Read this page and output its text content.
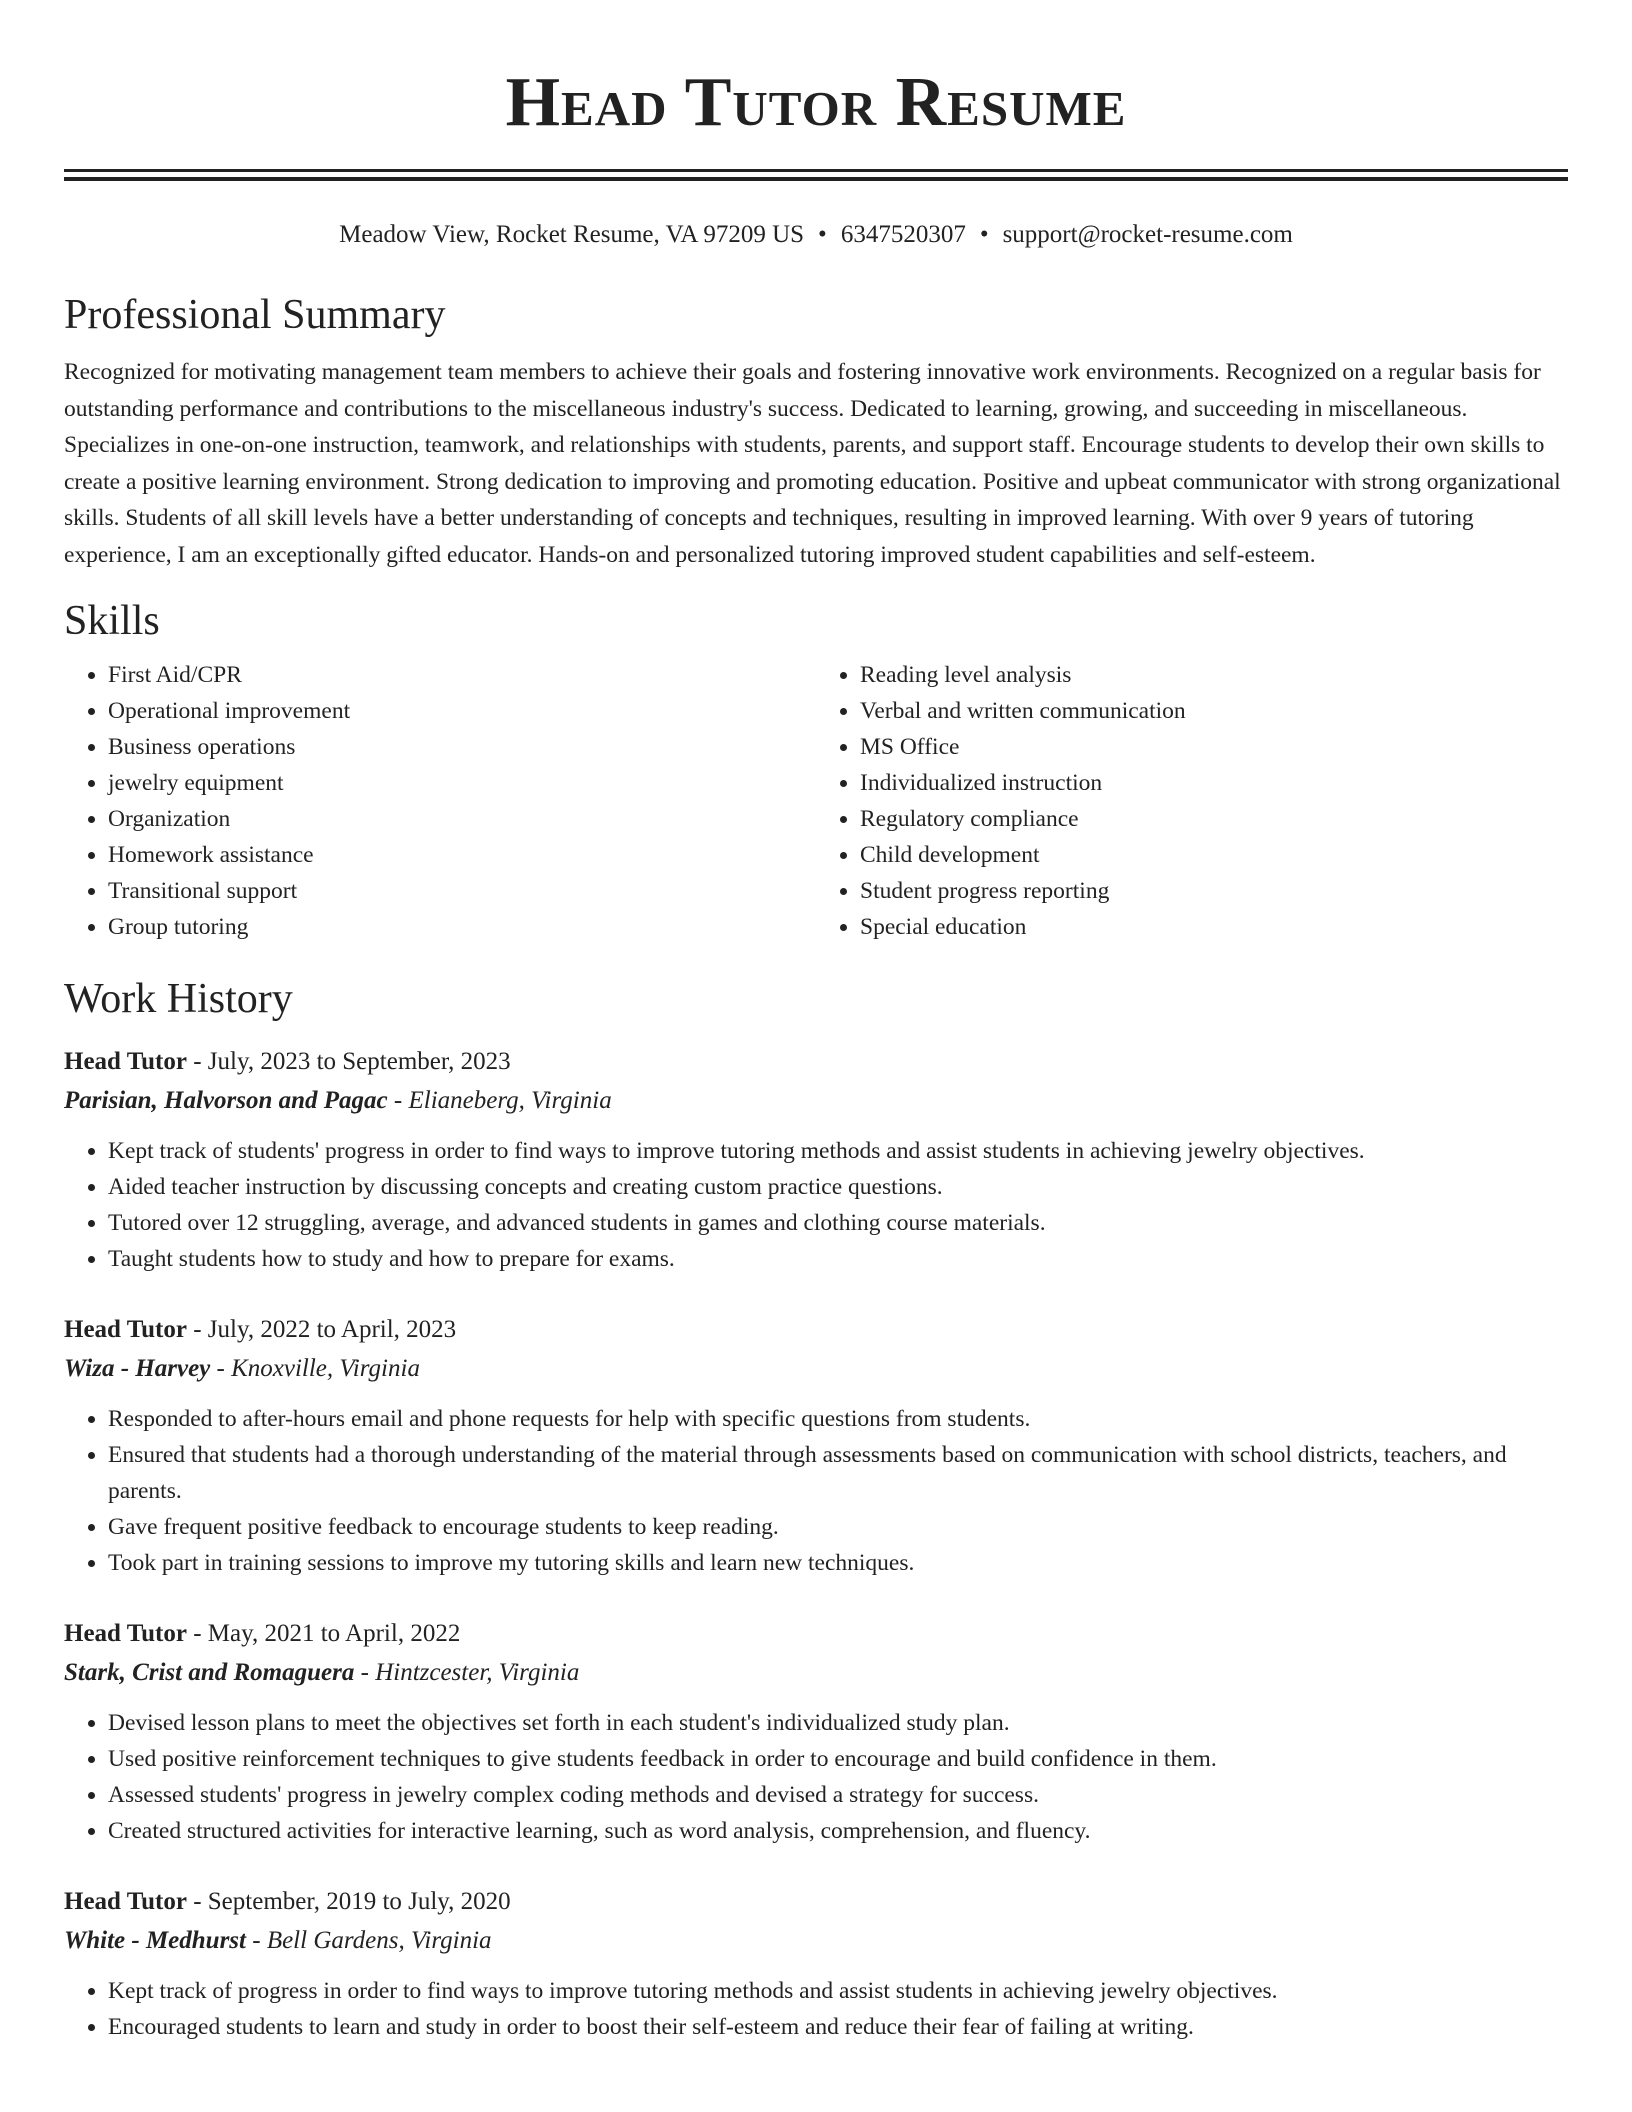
Head Tutor Resume
Meadow View, Rocket Resume, VA 97209 US • 6347520307 • support@rocket-resume.com
Professional Summary

Recognized for motivating management team members to achieve their goals and fostering innovative work environments. Recognized on a regular basis for outstanding performance and contributions to the miscellaneous industry's success. Dedicated to learning, growing, and succeeding in miscellaneous. Specializes in one-on-one instruction, teamwork, and relationships with students, parents, and support staff. Encourage students to develop their own skills to create a positive learning environment. Strong dedication to improving and promoting education. Positive and upbeat communicator with strong organizational skills. Students of all skill levels have a better understanding of concepts and techniques, resulting in improved learning. With over 9 years of tutoring experience, I am an exceptionally gifted educator. Hands-on and personalized tutoring improved student capabilities and self-esteem.

Skills
• First Aid/CPR
• Operational improvement
• Business operations
• jewelry equipment
• Organization
• Homework assistance
• Transitional support
• Group tutoring
• Reading level analysis
• Verbal and written communication
• MS Office
• Individualized instruction
• Regulatory compliance
• Child development
• Student progress reporting
• Special education
Work History
Head Tutor - July, 2023 to September, 2023
Parisian, Halvorson and Pagac - Elianeberg, Virginia
• Kept track of students' progress in order to find ways to improve tutoring methods and assist students in achieving jewelry objectives.
• Aided teacher instruction by discussing concepts and creating custom practice questions.
• Tutored over 12 struggling, average, and advanced students in games and clothing course materials.
• Taught students how to study and how to prepare for exams.
Head Tutor - July, 2022 to April, 2023
Wiza - Harvey - Knoxville, Virginia
• Responded to after-hours email and phone requests for help with specific questions from students.
• Ensured that students had a thorough understanding of the material through assessments based on communication with school districts, teachers, and parents.
• Gave frequent positive feedback to encourage students to keep reading.
• Took part in training sessions to improve my tutoring skills and learn new techniques.
Head Tutor - May, 2021 to April, 2022
Stark, Crist and Romaguera - Hintzcester, Virginia
• Devised lesson plans to meet the objectives set forth in each student's individualized study plan.
• Used positive reinforcement techniques to give students feedback in order to encourage and build confidence in them.
• Assessed students' progress in jewelry complex coding methods and devised a strategy for success.
• Created structured activities for interactive learning, such as word analysis, comprehension, and fluency.
Head Tutor - September, 2019 to July, 2020
White - Medhurst - Bell Gardens, Virginia
• Kept track of progress in order to find ways to improve tutoring methods and assist students in achieving jewelry objectives.
• Encouraged students to learn and study in order to boost their self-esteem and reduce their fear of failing at writing.
